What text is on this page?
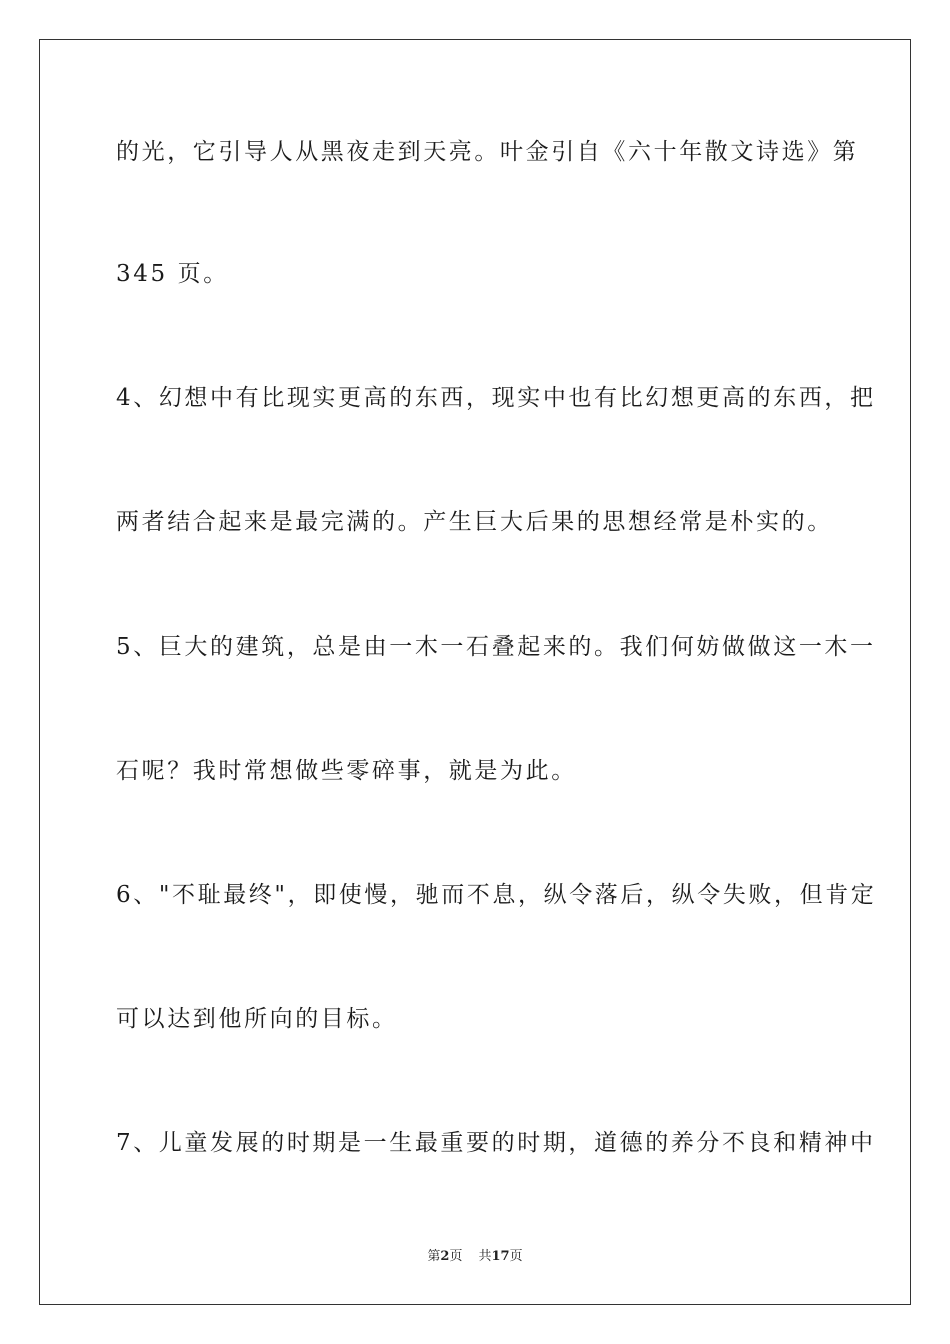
的光，它引导人从黑夜走到天亮。叶金引自《六十年散文诗选》第
345 页。
4、幻想中有比现实更高的东西，现实中也有比幻想更高的东西，把
两者结合起来是最完满的。产生巨大后果的思想经常是朴实的。
5、巨大的建筑，总是由一木一石叠起来的。我们何妨做做这一木一
石呢？我时常想做些零碎事，就是为此。
6、"不耻最终"，即使慢，驰而不息，纵令落后，纵令失败，但肯定
可以达到他所向的目标。
7、儿童发展的时期是一生最重要的时期，道德的养分不良和精神中
第2页 共17页
